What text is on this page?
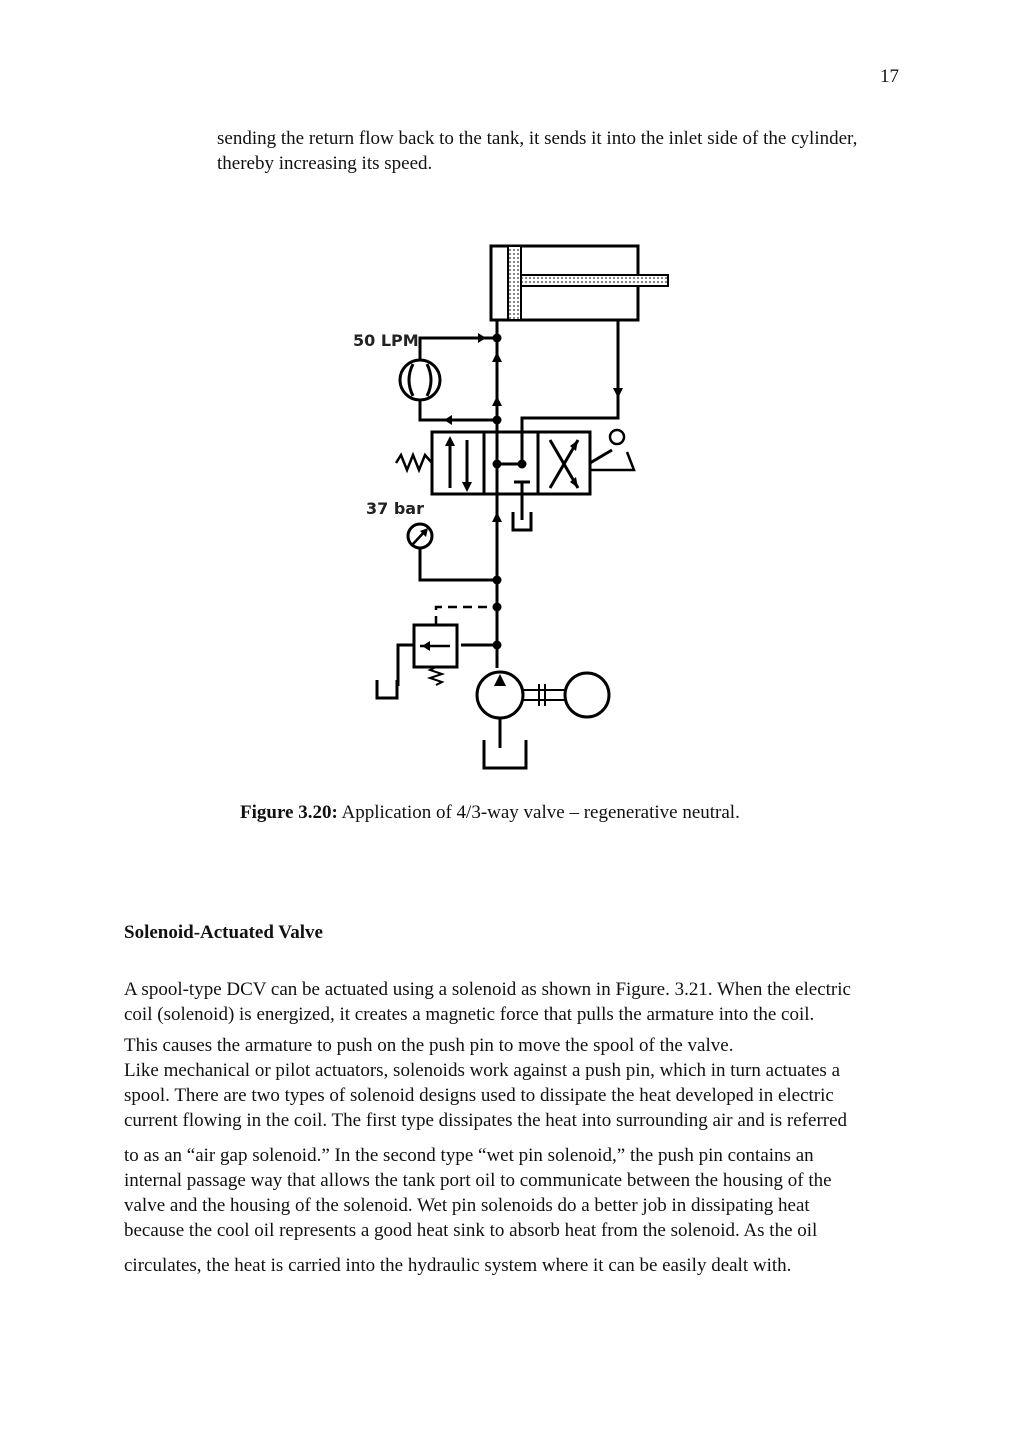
17

sending the return flow back to the tank, it sends it into the inlet side of the cylinder,

thereby increasing its speed.

50 LPM
37 bar
Figure 3.20: Application of 4/3-way valve – regenerative neutral.
Solenoid-Actuated Valve
A spool-type DCV can be actuated using a solenoid as shown in Figure. 3.21. When the electric
coil (solenoid) is energized, it creates a magnetic force that pulls the armature into the coil.
This causes the armature to push on the push pin to move the spool of the valve.
Like mechanical or pilot actuators, solenoids work against a push pin, which in turn actuates a
spool. There are two types of solenoid designs used to dissipate the heat developed in electric
current flowing in the coil. The first type dissipates the heat into surrounding air and is referred
to as an “air gap solenoid.” In the second type “wet pin solenoid,” the push pin contains an
internal passage way that allows the tank port oil to communicate between the housing of the
valve and the housing of the solenoid. Wet pin solenoids do a better job in dissipating heat
because the cool oil represents a good heat sink to absorb heat from the solenoid. As the oil
circulates, the heat is carried into the hydraulic system where it can be easily dealt with.
